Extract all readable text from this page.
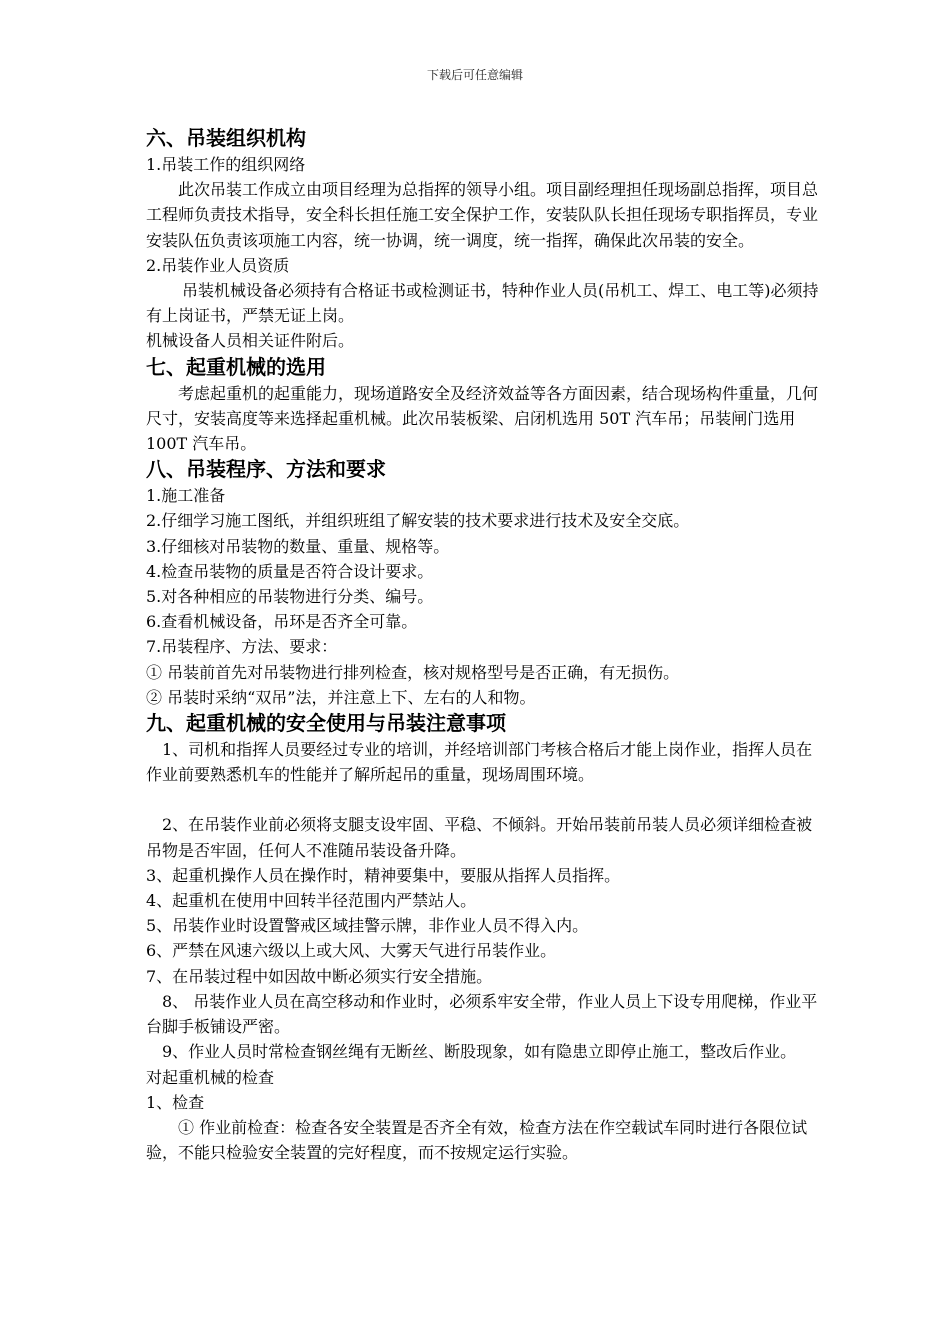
下载后可任意编辑

六、吊装组织机构

1.吊装工作的组织网络

此次吊装工作成立由项目经理为总指挥的领导小组。项目副经理担任现场副总指挥，项目总工程师负责技术指导，安全科长担任施工安全保护工作，安装队队长担任现场专职指挥员，专业安装队伍负责该项施工内容，统一协调，统一调度，统一指挥，确保此次吊装的安全。

2.吊装作业人员资质

吊装机械设备必须持有合格证书或检测证书，特种作业人员(吊机工、焊工、电工等)必须持有上岗证书，严禁无证上岗。

机械设备人员相关证件附后。

七、起重机械的选用

考虑起重机的起重能力，现场道路安全及经济效益等各方面因素，结合现场构件重量，几何尺寸，安装高度等来选择起重机械。此次吊装板梁、启闭机选用 50T 汽车吊；吊装闸门选用 100T 汽车吊。

八、吊装程序、方法和要求

1.施工准备

2.仔细学习施工图纸，并组织班组了解安装的技术要求进行技术及安全交底。

3.仔细核对吊装物的数量、重量、规格等。

4.检查吊装物的质量是否符合设计要求。

5.对各种相应的吊装物进行分类、编号。

6.查看机械设备，吊环是否齐全可靠。

7.吊装程序、方法、要求：

① 吊装前首先对吊装物进行排列检查，核对规格型号是否正确，有无损伤。

② 吊装时采纳“双吊”法，并注意上下、左右的人和物。

九、起重机械的安全使用与吊装注意事项

1、司机和指挥人员要经过专业的培训，并经培训部门考核合格后才能上岗作业，指挥人员在作业前要熟悉机车的性能并了解所起吊的重量，现场周围环境。

2、在吊装作业前必须将支腿支设牢固、平稳、不倾斜。开始吊装前吊装人员必须详细检查被吊物是否牢固，任何人不准随吊装设备升降。

3、起重机操作人员在操作时，精神要集中，要服从指挥人员指挥。

4、起重机在使用中回转半径范围内严禁站人。

5、吊装作业时设置警戒区域挂警示牌，非作业人员不得入内。

6、严禁在风速六级以上或大风、大雾天气进行吊装作业。

7、在吊装过程中如因故中断必须实行安全措施。

8、 吊装作业人员在高空移动和作业时，必须系牢安全带，作业人员上下设专用爬梯，作业平台脚手板铺设严密。

9、作业人员时常检查钢丝绳有无断丝、断股现象，如有隐患立即停止施工，整改后作业。

对起重机械的检查

1、检查

① 作业前检查：检查各安全装置是否齐全有效，检查方法在作空载试车同时进行各限位试验，不能只检验安全装置的完好程度，而不按规定运行实验。
